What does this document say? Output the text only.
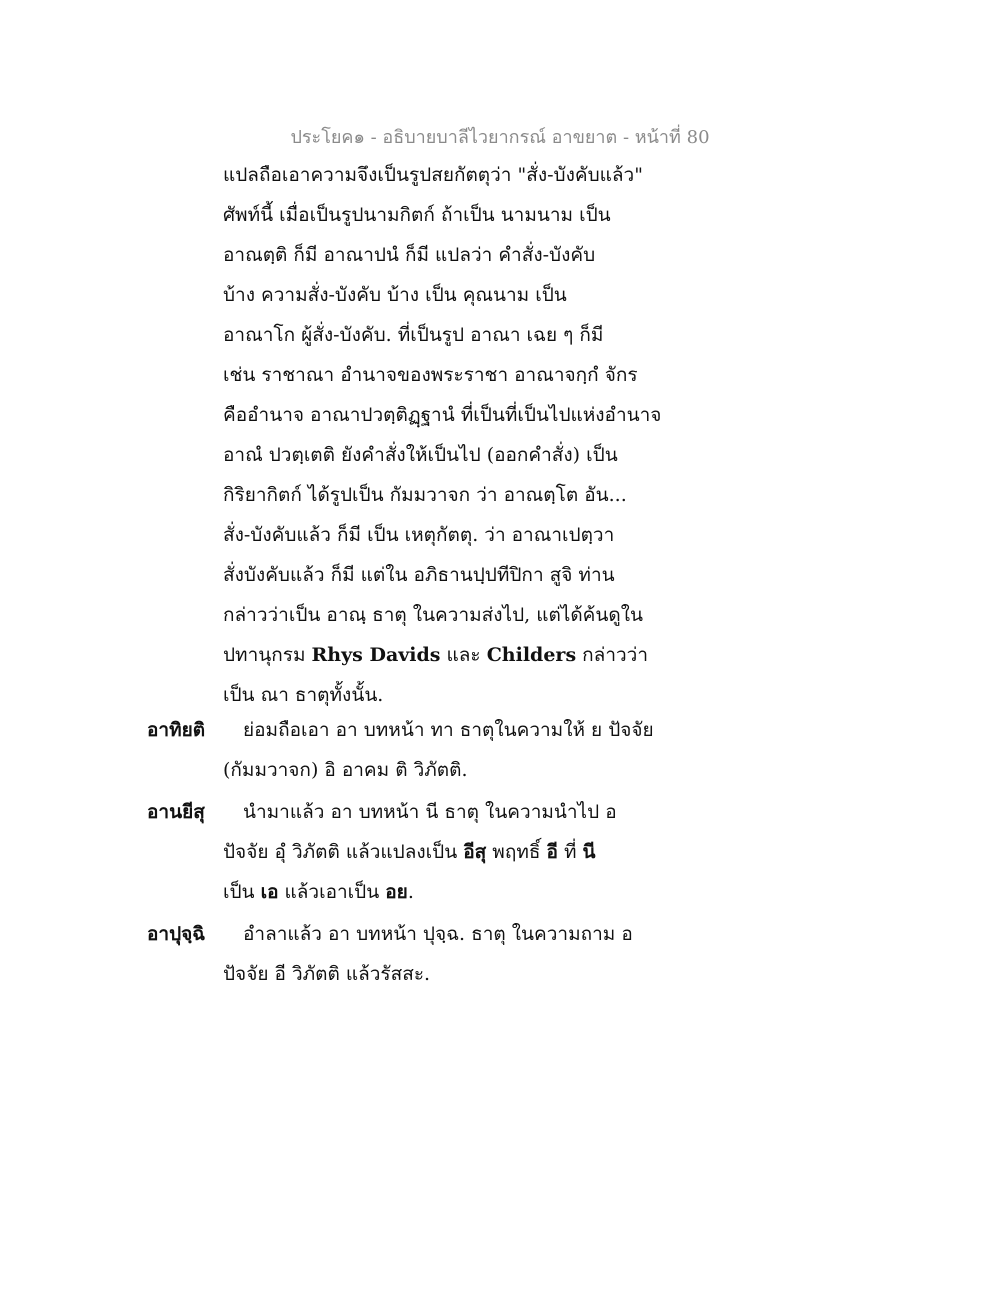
ประโยค๑ - อธิบายบาลีไวยากรณ์ อาขยาต - หน้าที่ 80
แปลถือเอาความจึงเป็นรูปสยกัตตุว่า "สั่ง-บังคับแล้ว"
ศัพท์นี้ เมื่อเป็นรูปนามกิตก์ ถ้าเป็น นามนาม เป็น
อาณตฺติ ก็มี อาณาปนํ ก็มี แปลว่า คำสั่ง-บังคับ
บ้าง ความสั่ง-บังคับ บ้าง เป็น คุณนาม เป็น
อาณาโก ผู้สั่ง-บังคับ. ที่เป็นรูป อาณา เฉย ๆ ก็มี
เช่น ราชาณา อำนาจของพระราชา อาณาจกฺกํ จักร
คืออำนาจ อาณาปวตฺติฏฺฐานํ ที่เป็นที่เป็นไปแห่งอำนาจ
อาณํ ปวตฺเตติ ยังคำสั่งให้เป็นไป (ออกคำสั่ง) เป็น
กิริยากิตก์ ได้รูปเป็น กัมมวาจก ว่า อาณตฺโต อัน...
สั่ง-บังคับแล้ว ก็มี เป็น เหตุกัตตุ. ว่า อาณาเปตฺวา
สั่งบังคับแล้ว ก็มี แต่ใน อภิธานปฺปทีปิกา สูจิ ท่าน
กล่าวว่าเป็น อาณฺ ธาตุ ในความส่งไป, แต่ได้ค้นดูใน
ปทานุกรม Rhys Davids และ Childers กล่าวว่า
เป็น ณา ธาตุทั้งนั้น.
อาทิยติ	ย่อมถือเอา อา บทหน้า ทา ธาตุในความให้ ย ปัจจัย
(กัมมวาจก) อิ อาคม ติ วิภัตติ.
อานยีสุ	นำมาแล้ว อา บทหน้า นี ธาตุ ในความนำไป อ
ปัจจัย อุํ วิภัตติ แล้วแปลงเป็น อีสุ พฤทธิ์ อี ที่ นี
เป็น เอ แล้วเอาเป็น อย.
อาปุจฺฉิ	อำลาแล้ว อา บทหน้า ปุจฺฉ. ธาตุ ในความถาม อ
ปัจจัย อี วิภัตติ แล้วรัสสะ.
